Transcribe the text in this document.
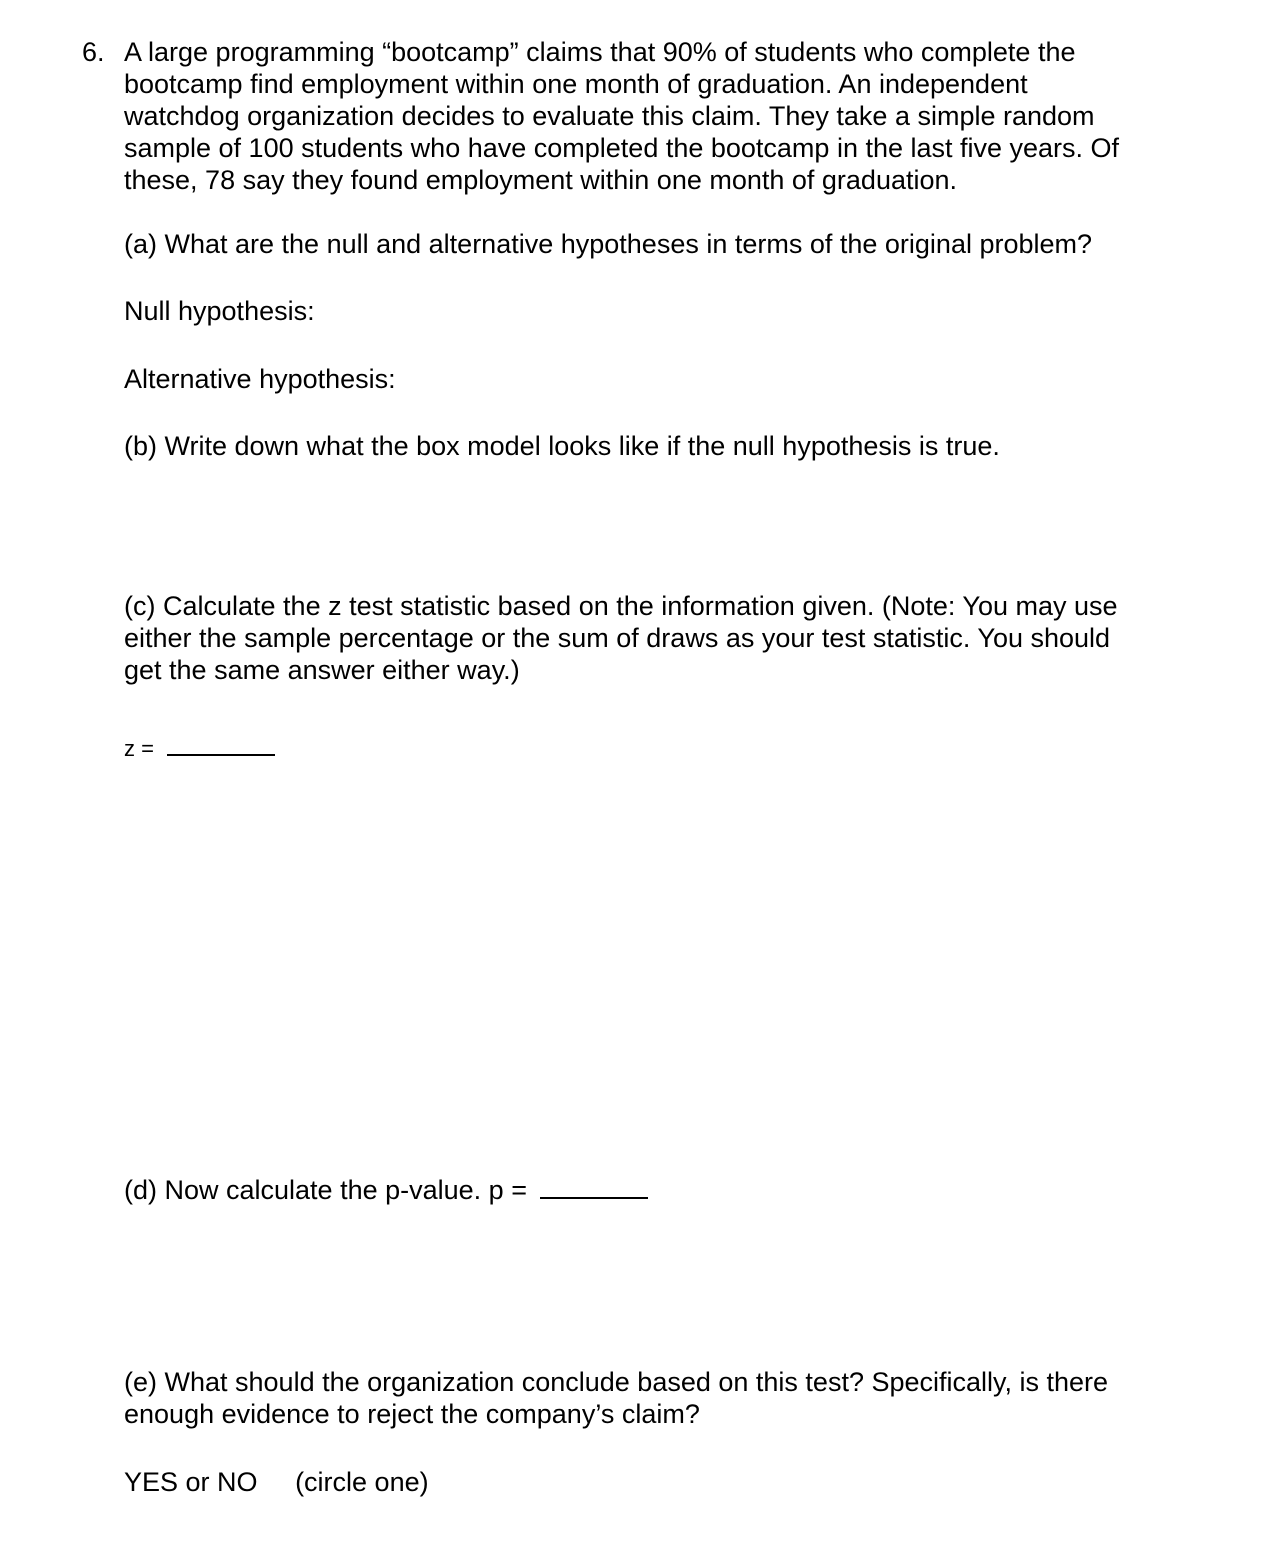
6. A large programming “bootcamp” claims that 90% of students who complete the
bootcamp find employment within one month of graduation. An independent
watchdog organization decides to evaluate this claim. They take a simple random
sample of 100 students who have completed the bootcamp in the last five years. Of
these, 78 say they found employment within one month of graduation.
(a) What are the null and alternative hypotheses in terms of the original problem?
Null hypothesis:
Alternative hypothesis:
(b) Write down what the box model looks like if the null hypothesis is true.
(c) Calculate the z test statistic based on the information given. (Note: You may use
either the sample percentage or the sum of draws as your test statistic. You should
get the same answer either way.)
z =
(d) Now calculate the p-value. p =
(e) What should the organization conclude based on this test? Specifically, is there
enough evidence to reject the company’s claim?
YES or NO (circle one)
